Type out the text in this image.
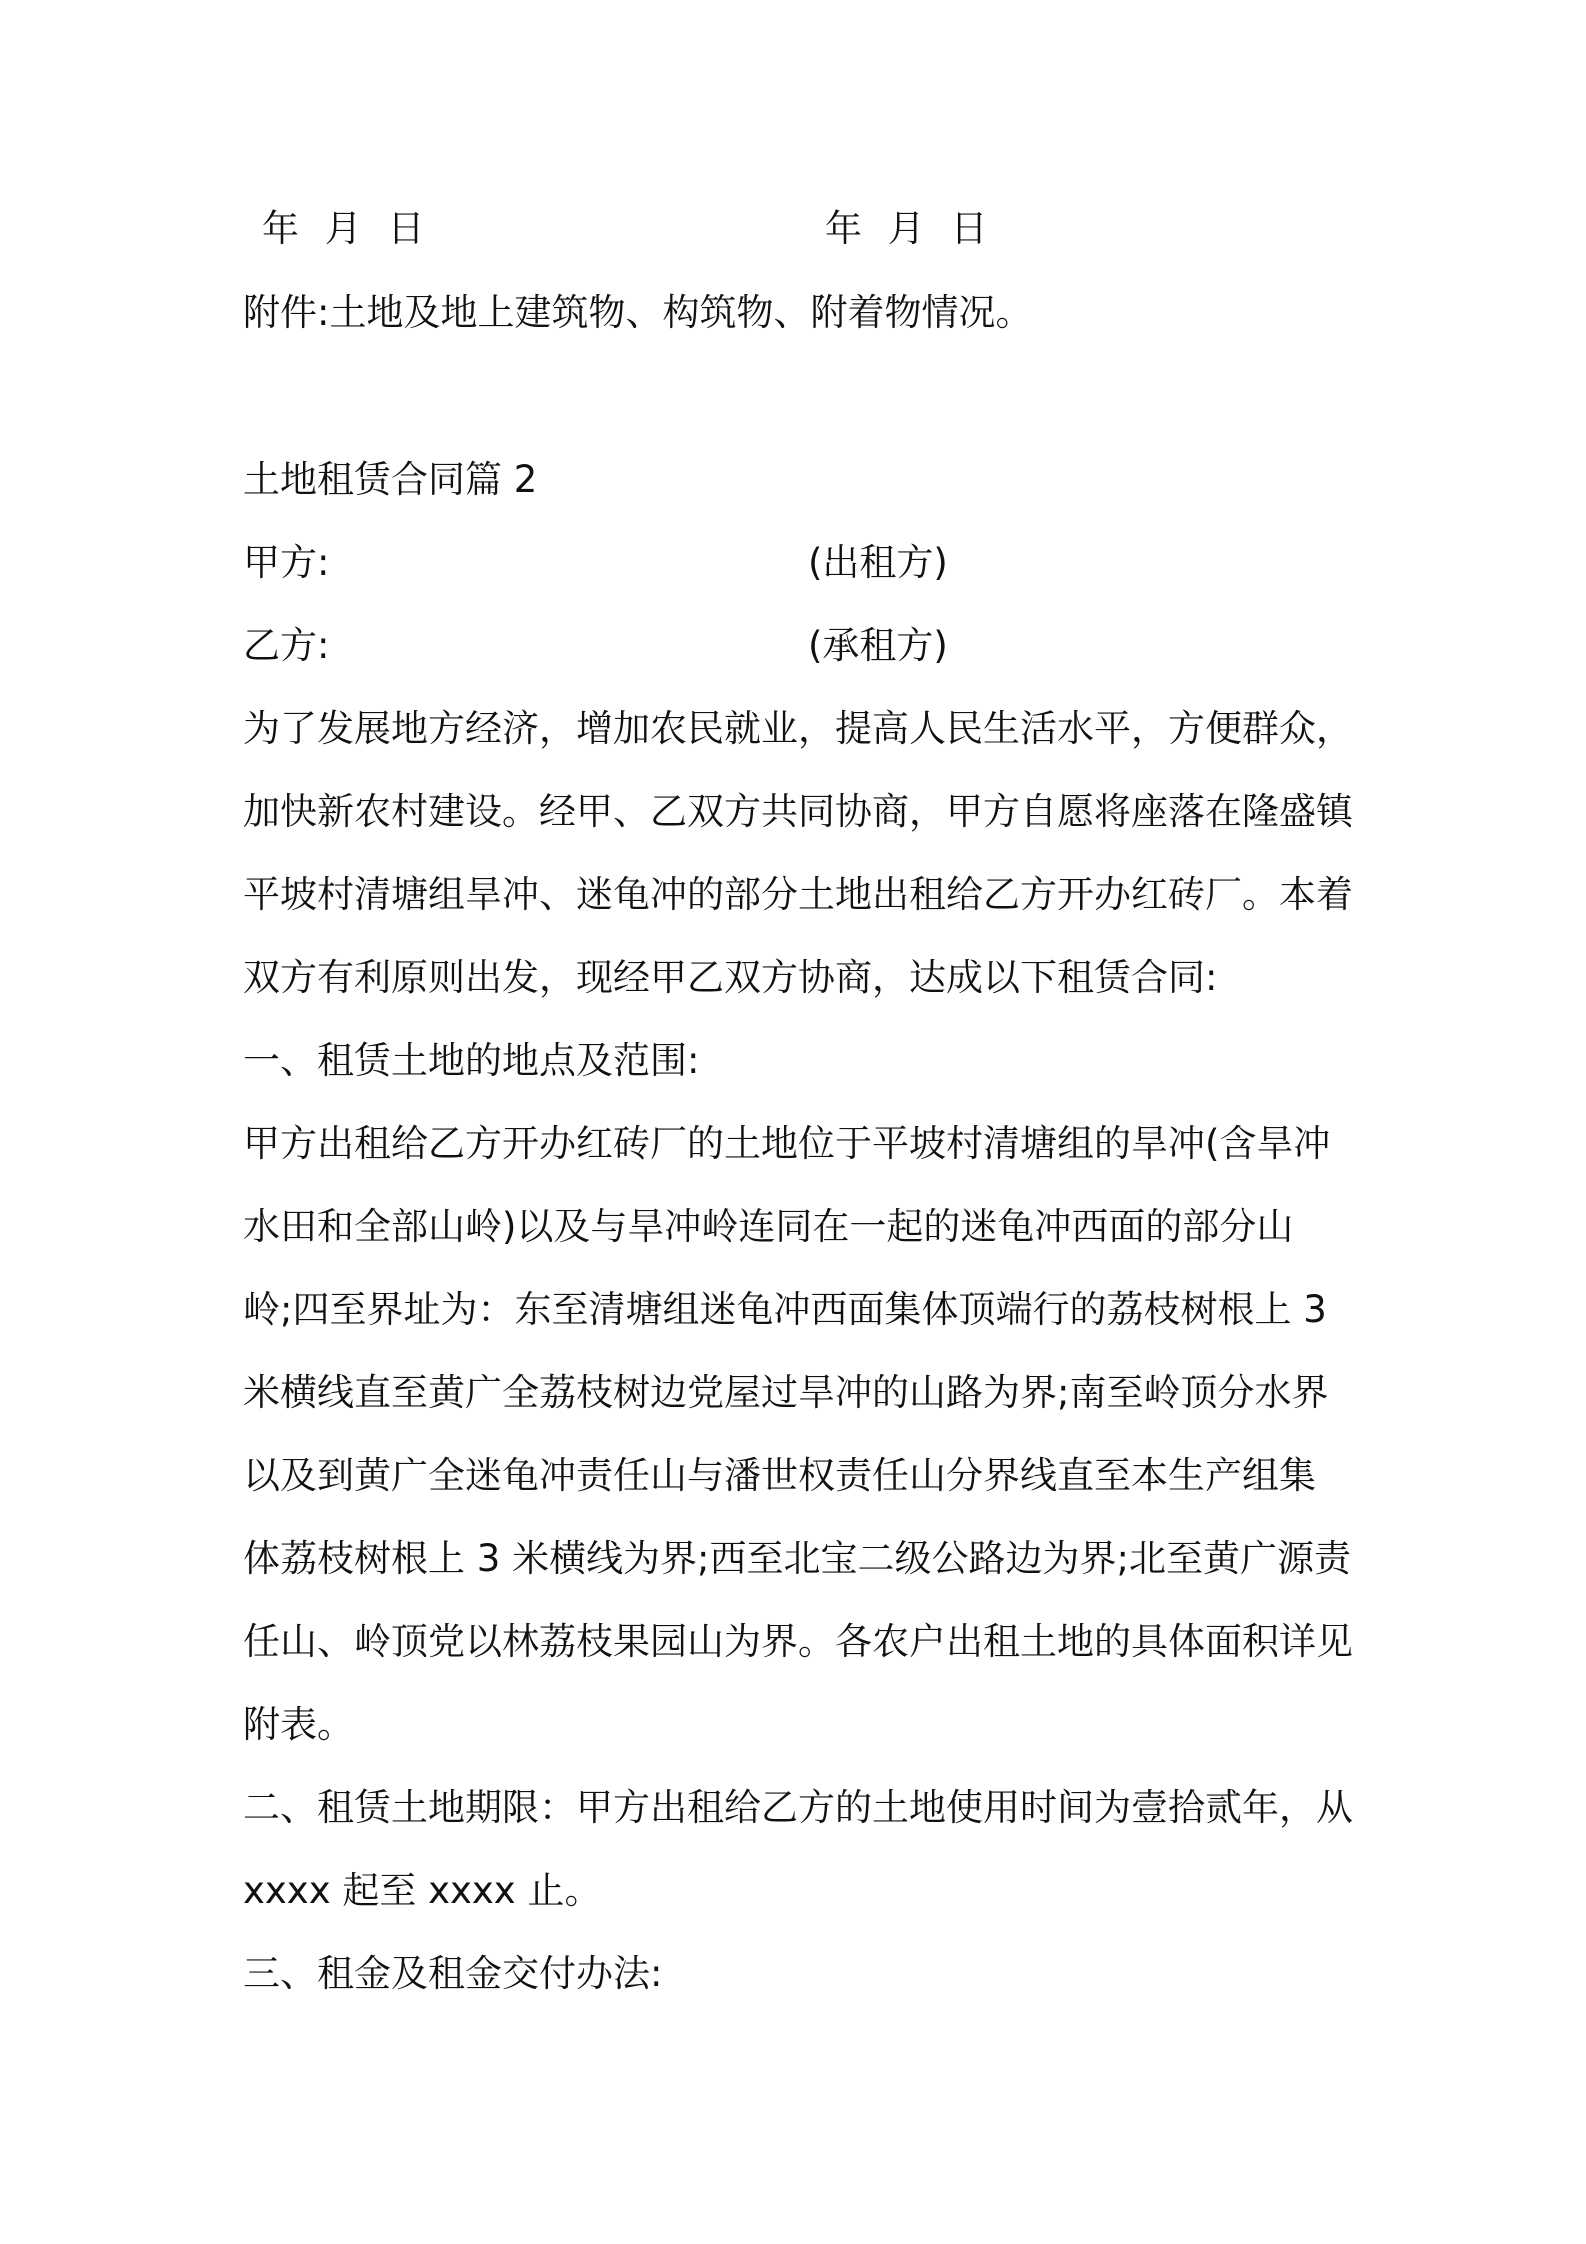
年 月 日	年 月 日
附件:土地及地上建筑物、构筑物、附着物情况。
土地租赁合同篇 2
甲方:	(出租方)
乙方:	(承租方)
为了发展地方经济，增加农民就业，提高人民生活水平，方便群众，
加快新农村建设。经甲、乙双方共同协商，甲方自愿将座落在隆盛镇
平坡村清塘组旱冲、迷龟冲的部分土地出租给乙方开办红砖厂。本着
双方有利原则出发，现经甲乙双方协商，达成以下租赁合同:
一、租赁土地的地点及范围:
甲方出租给乙方开办红砖厂的土地位于平坡村清塘组的旱冲(含旱冲
水田和全部山岭)以及与旱冲岭连同在一起的迷龟冲西面的部分山
岭;四至界址为：东至清塘组迷龟冲西面集体顶端行的荔枝树根上 3
米横线直至黄广全荔枝树边党屋过旱冲的山路为界;南至岭顶分水界
以及到黄广全迷龟冲责任山与潘世权责任山分界线直至本生产组集
体荔枝树根上 3 米横线为界;西至北宝二级公路边为界;北至黄广源责
任山、岭顶党以林荔枝果园山为界。各农户出租土地的具体面积详见
附表。
二、租赁土地期限：甲方出租给乙方的土地使用时间为壹拾贰年，从
xxxx 起至 xxxx 止。
三、租金及租金交付办法:
